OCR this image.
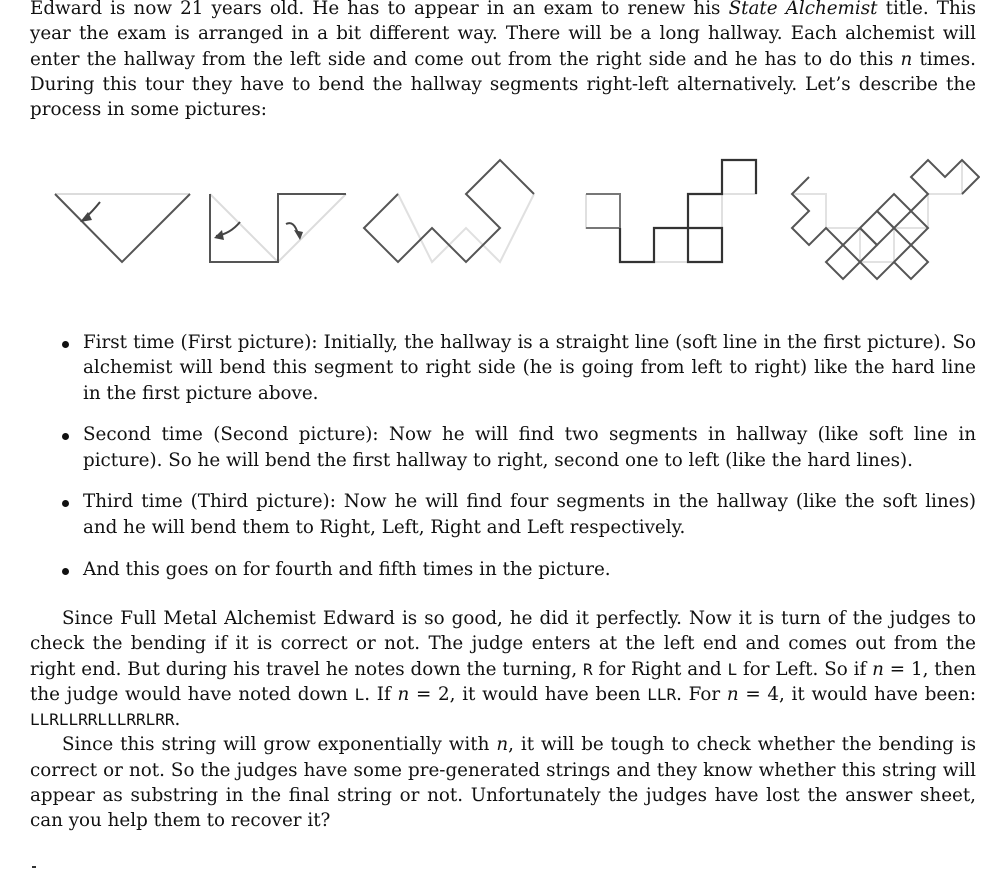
Edward is now 21 years old. He has to appear in an exam to renew his State Alchemist title. This year the exam is arranged in a bit different way. There will be a long hallway. Each alchemist will enter the hallway from the left side and come out from the right side and he has to do this n times. During this tour they have to bend the hallway segments right-left alternatively. Let’s describe the process in some pictures:

First time (First picture): Initially, the hallway is a straight line (soft line in the first picture). So alchemist will bend this segment to right side (he is going from left to right) like the hard line in the first picture above.
Second time (Second picture): Now he will find two segments in hallway (like soft line in picture). So he will bend the first hallway to right, second one to left (like the hard lines).
Third time (Third picture): Now he will find four segments in the hallway (like the soft lines) and he will bend them to Right, Left, Right and Left respectively.
And this goes on for fourth and fifth times in the picture.

Since Full Metal Alchemist Edward is so good, he did it perfectly. Now it is turn of the judges to check the bending if it is correct or not. The judge enters at the left end and comes out from the right end. But during his travel he notes down the turning, R for Right and L for Left. So if n = 1, then the judge would have noted down L. If n = 2, it would have been LLR. For n = 4, it would have been: LLRLLRRLLLRRLRR.

Since this string will grow exponentially with n, it will be tough to check whether the bending is correct or not. So the judges have some pre-generated strings and they know whether this string will appear as substring in the final string or not. Unfortunately the judges have lost the answer sheet, can you help them to recover it?
